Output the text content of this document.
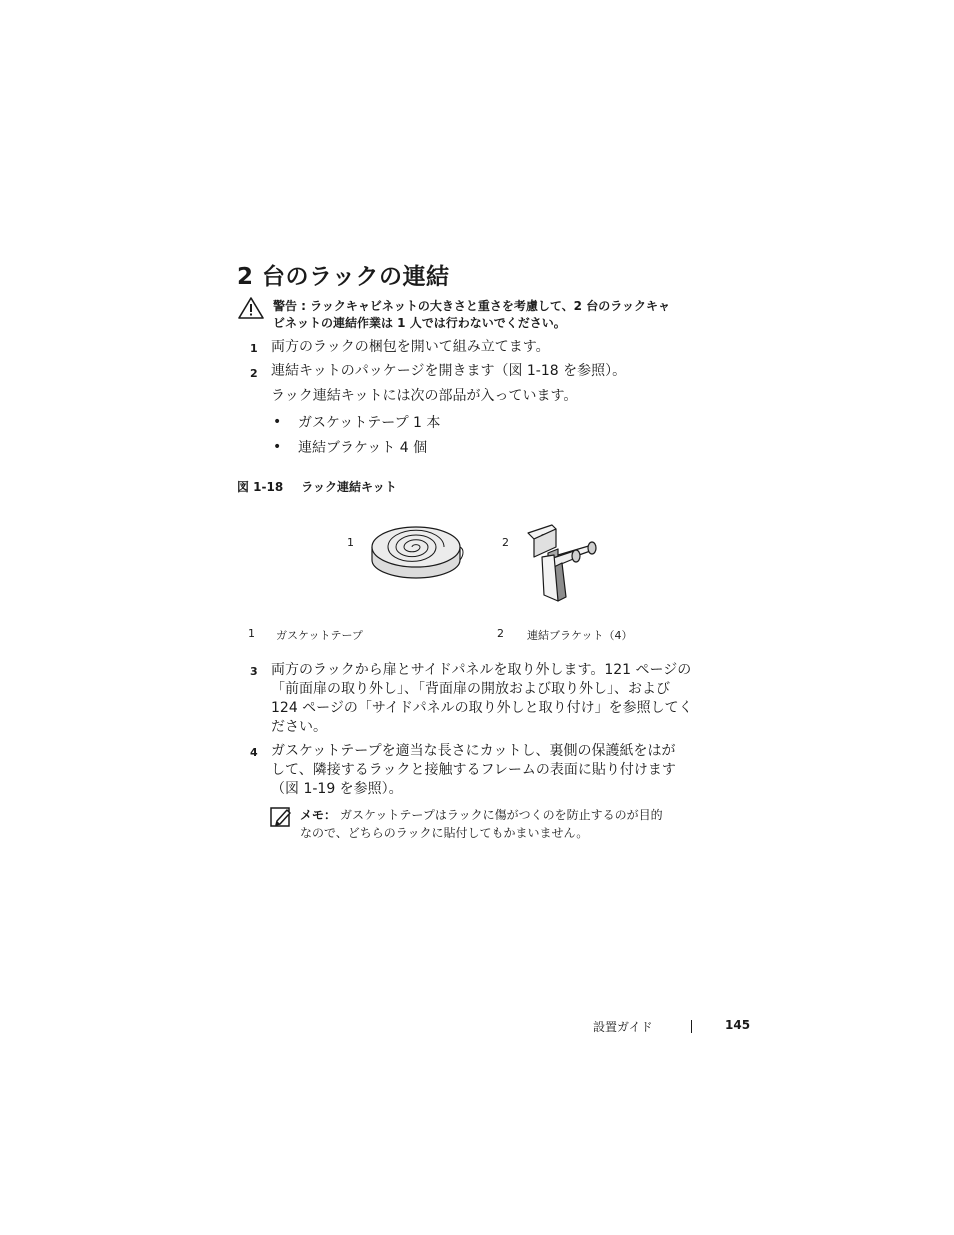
2 台のラックの連結
警告 : ラックキャビネットの大きさと重さを考慮して、2 台のラックキャ
ビネットの連結作業は 1 人では行わないでください。
1 両方のラックの梱包を開いて組み立てます。
2 連結キットのパッケージを開きます（図 1-18 を参照）。
ラック連結キットには次の部品が入っています。
• ガスケットテープ 1 本
• 連結ブラケット 4 個
図 1-18 ラック連結キット
1	2
1 ガスケットテープ	2 連結ブラケット（4）
3 両方のラックから扉とサイドパネルを取り外します。121 ページの
「前面扉の取り外し」、「背面扉の開放および取り外し」、および
124 ページの「サイドパネルの取り外しと取り付け」を参照してく
ださい。
4 ガスケットテープを適当な長さにカットし、裏側の保護紙をはが
して、隣接するラックと接触するフレームの表面に貼り付けます
（図 1-19 を参照）。
メモ： ガスケットテープはラックに傷がつくのを防止するのが目的
なので、どちらのラックに貼付してもかまいません。
設置ガイド	145
